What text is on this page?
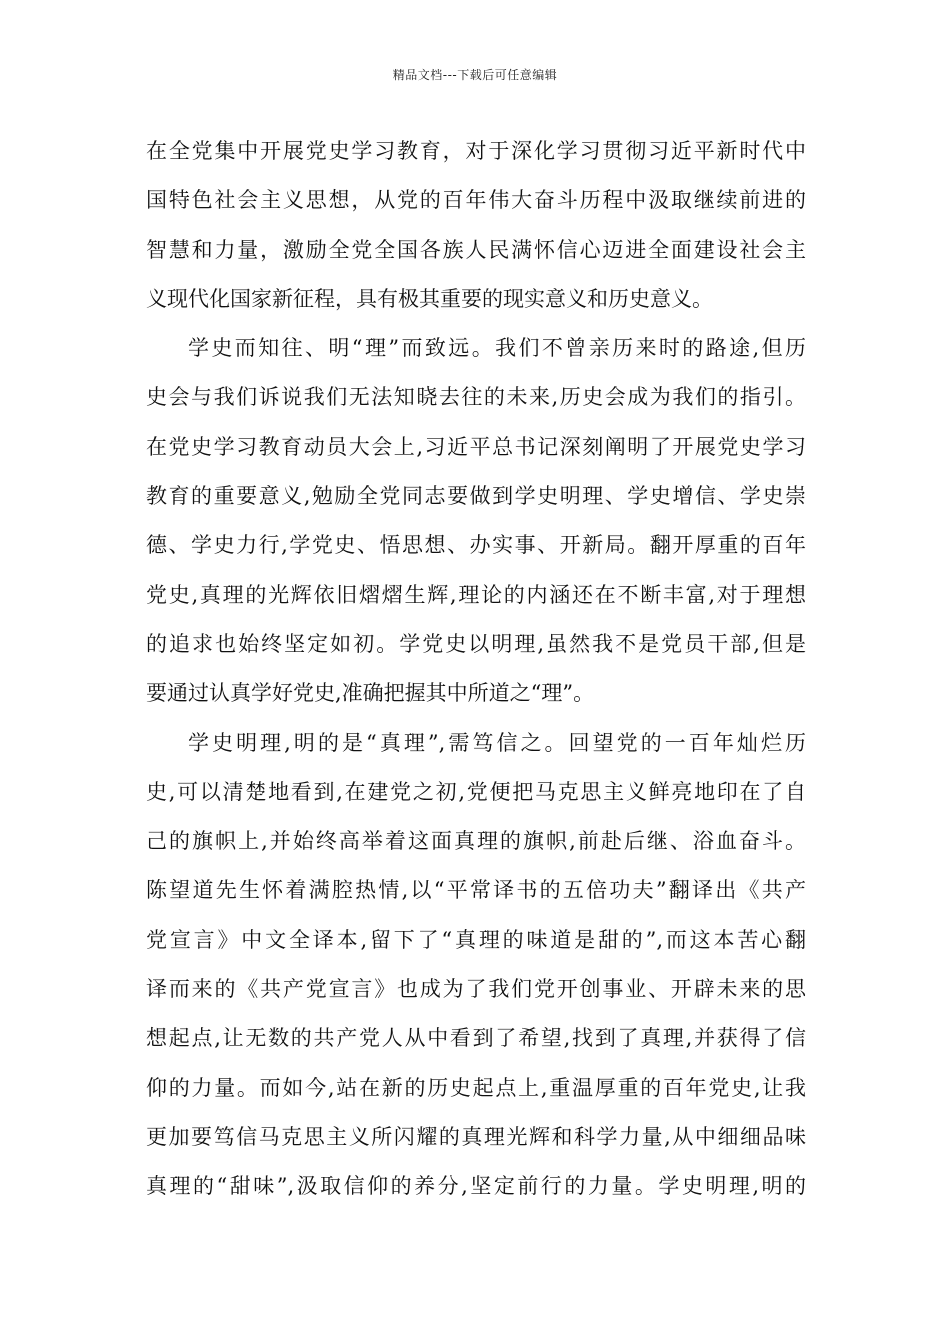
精品文档---下载后可任意编辑
在全党集中开展党史学习教育，对于深化学习贯彻习近平新时代中
国特色社会主义思想，从党的百年伟大奋斗历程中汲取继续前进的
智慧和力量，激励全党全国各族人民满怀信心迈进全面建设社会主
义现代化国家新征程，具有极其重要的现实意义和历史意义。
学史而知往、明“理”而致远。我们不曾亲历来时的路途,但历
史会与我们诉说我们无法知晓去往的未来,历史会成为我们的指引。
在党史学习教育动员大会上,习近平总书记深刻阐明了开展党史学习
教育的重要意义,勉励全党同志要做到学史明理、学史增信、学史崇
德、学史力行,学党史、悟思想、办实事、开新局。翻开厚重的百年
党史,真理的光辉依旧熠熠生辉,理论的内涵还在不断丰富,对于理想
的追求也始终坚定如初。学党史以明理,虽然我不是党员干部,但是
要通过认真学好党史,准确把握其中所道之“理”。
学史明理,明的是“真理”,需笃信之。回望党的一百年灿烂历
史,可以清楚地看到,在建党之初,党便把马克思主义鲜亮地印在了自
己的旗帜上,并始终高举着这面真理的旗帜,前赴后继、浴血奋斗。
陈望道先生怀着满腔热情,以“平常译书的五倍功夫”翻译出《共产
党宣言》中文全译本,留下了“真理的味道是甜的”,而这本苦心翻
译而来的《共产党宣言》也成为了我们党开创事业、开辟未来的思
想起点,让无数的共产党人从中看到了希望,找到了真理,并获得了信
仰的力量。而如今,站在新的历史起点上,重温厚重的百年党史,让我
更加要笃信马克思主义所闪耀的真理光辉和科学力量,从中细细品味
真理的“甜味”,汲取信仰的养分,坚定前行的力量。学史明理,明的
